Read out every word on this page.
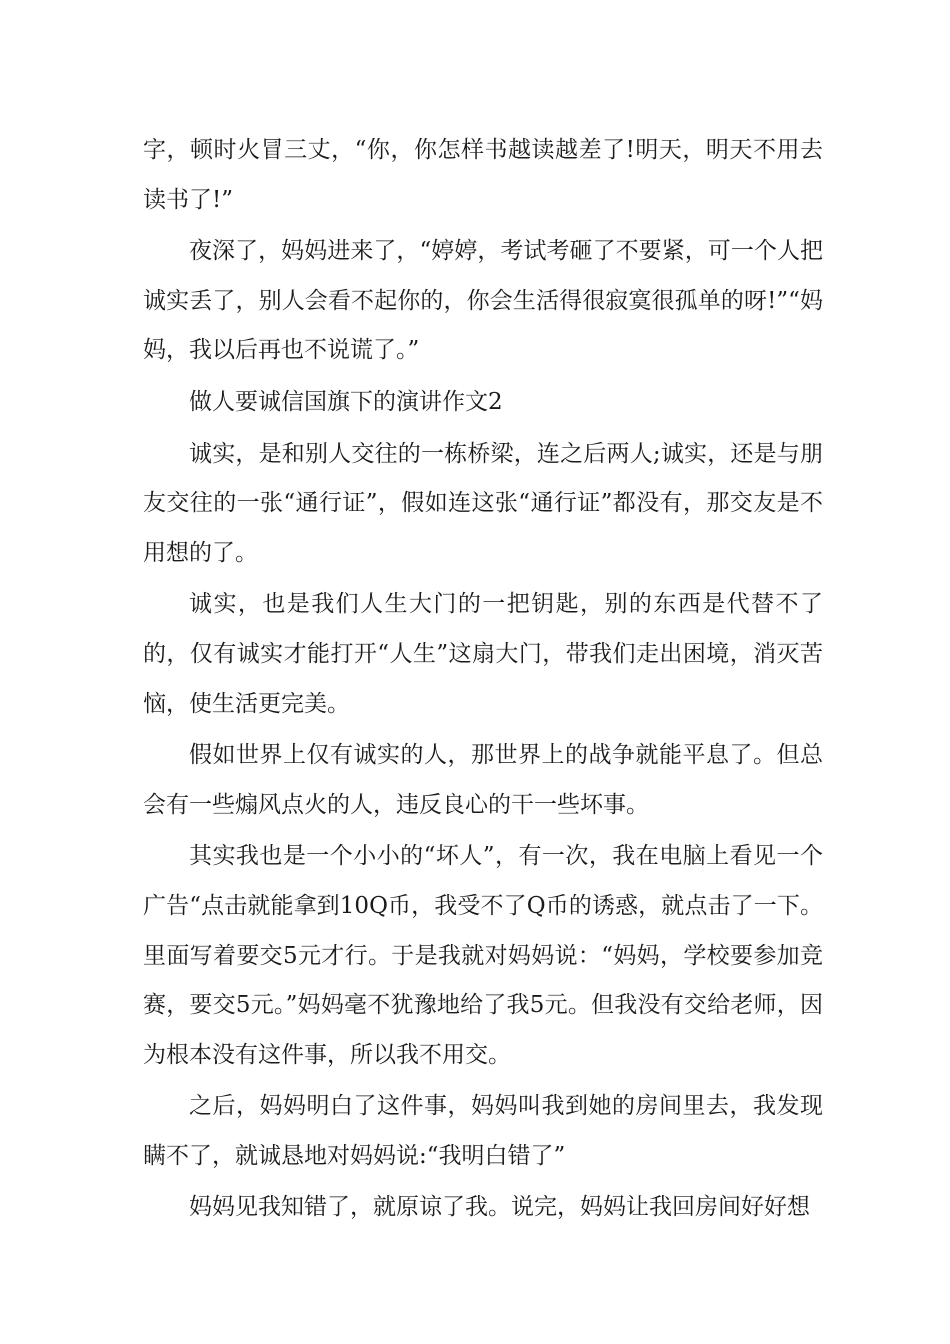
字，顿时火冒三丈，“你，你怎样书越读越差了!明天，明天不用去读书了!”

夜深了，妈妈进来了，“婷婷，考试考砸了不要紧，可一个人把诚实丢了，别人会看不起你的，你会生活得很寂寞很孤单的呀!”“妈妈，我以后再也不说谎了。”

做人要诚信国旗下的演讲作文2

诚实，是和别人交往的一栋桥梁，连之后两人;诚实，还是与朋友交往的一张“通行证”，假如连这张“通行证”都没有，那交友是不用想的了。

诚实，也是我们人生大门的一把钥匙，别的东西是代替不了的，仅有诚实才能打开“人生”这扇大门，带我们走出困境，消灭苦恼，使生活更完美。

假如世界上仅有诚实的人，那世界上的战争就能平息了。但总会有一些煽风点火的人，违反良心的干一些坏事。

其实我也是一个小小的“坏人”，有一次，我在电脑上看见一个广告“点击就能拿到10Q币，我受不了Q币的诱惑，就点击了一下。里面写着要交5元才行。于是我就对妈妈说：“妈妈，学校要参加竞赛，要交5元。”妈妈毫不犹豫地给了我5元。但我没有交给老师，因为根本没有这件事，所以我不用交。

之后，妈妈明白了这件事，妈妈叫我到她的房间里去，我发现瞒不了，就诚恳地对妈妈说:“我明白错了”

妈妈见我知错了，就原谅了我。说完，妈妈让我回房间好好想
